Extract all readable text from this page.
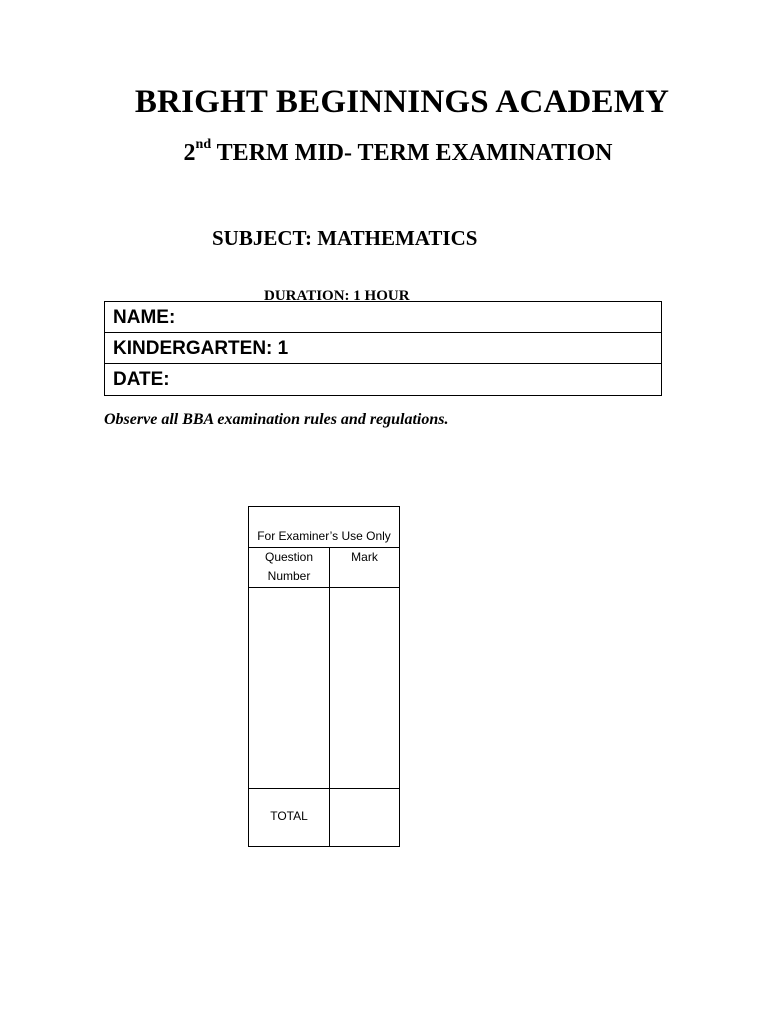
BRIGHT BEGINNINGS ACADEMY
2nd TERM MID- TERM EXAMINATION
SUBJECT: MATHEMATICS
DURATION: 1 HOUR
NAME:
KINDERGARTEN: 1
DATE:
Observe all BBA examination rules and regulations.
For Examiner’s Use Only
Question Number
Mark
TOTAL
